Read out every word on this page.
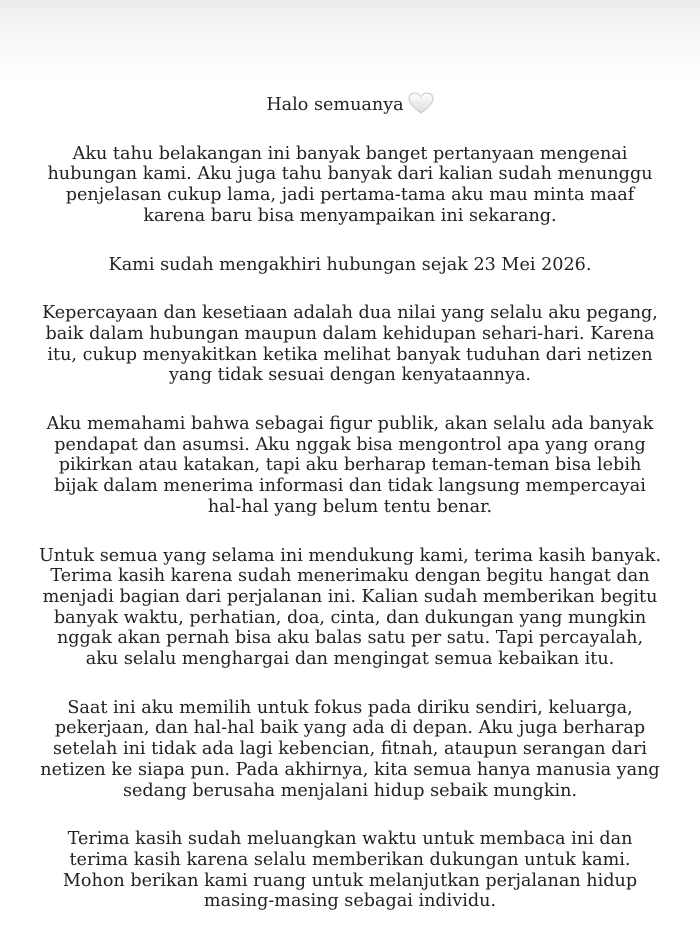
Halo semuanya
Aku tahu belakangan ini banyak banget pertanyaan mengenai
hubungan kami. Aku juga tahu banyak dari kalian sudah menunggu
penjelasan cukup lama, jadi pertama-tama aku mau minta maaf
karena baru bisa menyampaikan ini sekarang.
Kami sudah mengakhiri hubungan sejak 23 Mei 2026.
Kepercayaan dan kesetiaan adalah dua nilai yang selalu aku pegang,
baik dalam hubungan maupun dalam kehidupan sehari-hari. Karena
itu, cukup menyakitkan ketika melihat banyak tuduhan dari netizen
yang tidak sesuai dengan kenyataannya.
Aku memahami bahwa sebagai figur publik, akan selalu ada banyak
pendapat dan asumsi. Aku nggak bisa mengontrol apa yang orang
pikirkan atau katakan, tapi aku berharap teman-teman bisa lebih
bijak dalam menerima informasi dan tidak langsung mempercayai
hal-hal yang belum tentu benar.
Untuk semua yang selama ini mendukung kami, terima kasih banyak.
Terima kasih karena sudah menerimaku dengan begitu hangat dan
menjadi bagian dari perjalanan ini. Kalian sudah memberikan begitu
banyak waktu, perhatian, doa, cinta, dan dukungan yang mungkin
nggak akan pernah bisa aku balas satu per satu. Tapi percayalah,
aku selalu menghargai dan mengingat semua kebaikan itu.
Saat ini aku memilih untuk fokus pada diriku sendiri, keluarga,
pekerjaan, dan hal-hal baik yang ada di depan. Aku juga berharap
setelah ini tidak ada lagi kebencian, fitnah, ataupun serangan dari
netizen ke siapa pun. Pada akhirnya, kita semua hanya manusia yang
sedang berusaha menjalani hidup sebaik mungkin.
Terima kasih sudah meluangkan waktu untuk membaca ini dan
terima kasih karena selalu memberikan dukungan untuk kami.
Mohon berikan kami ruang untuk melanjutkan perjalanan hidup
masing-masing sebagai individu.
